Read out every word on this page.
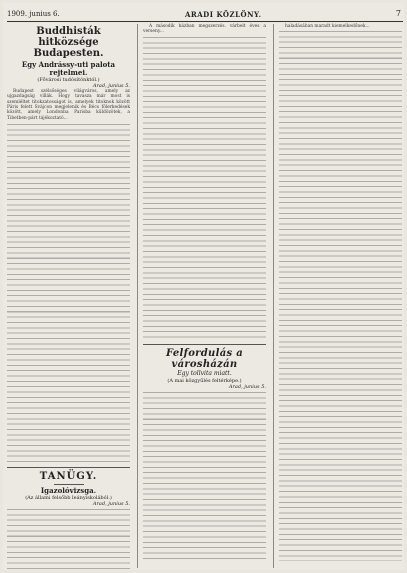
1909. junius 6.	ARADI KÖZLÖNY.	7
Buddhisták hitközsége Budapesten.
Egy Andrássy-uti palota rejtelmei.
(Fővárosi tudósítónktól.)
Arad, junius 5.

Budapest szélsőséges világváros, amely az ujgazdagság villák. Hogy tavasza már most is szemléltet titokzatosságot is, amelyek titoknok között Páris felett Svájcon megjelenik és Bécs fölerkedések között, amely Londonba Parisba küldözötek, a Tibetben-párt tájékoztató...

TANÜGY.
Igazolóvizsga.
(Az állami felsőbb leányiskolából.)
Arad, junius 5.

A második házban megszerzés. várbelt éves a verseny...

Felfordulás a városházán
Egy tollvita miatt.
(A mai közgyűlés feltérképe.)
Arad, junius 5.

haladásában maradt kiemelkedőnek...
